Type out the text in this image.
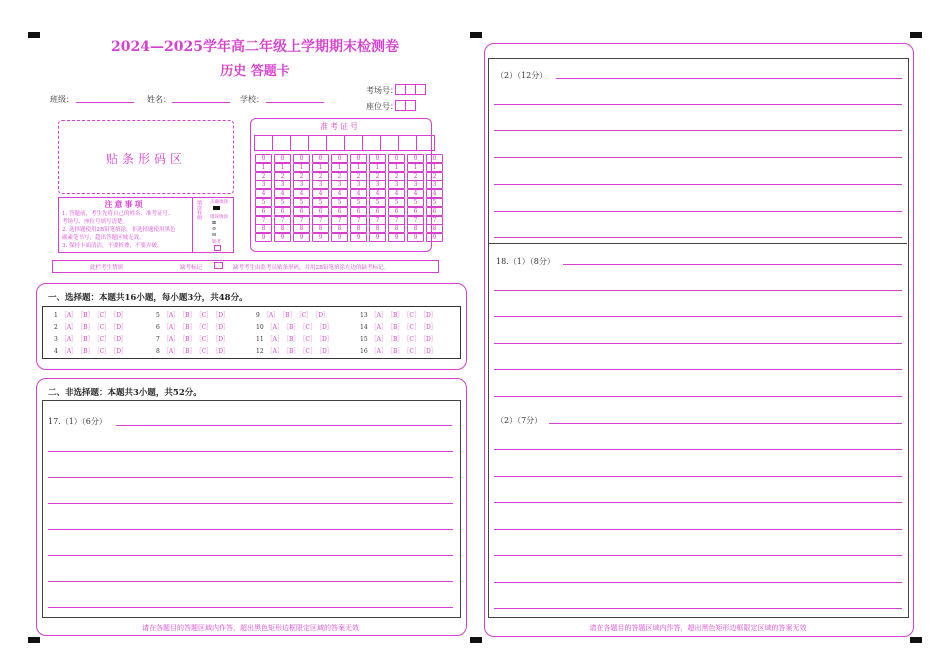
2024—2025学年高二年级上学期期末检测卷
历史 答题卡
班级：	姓名：	学校：
考场号：
座位号：
贴条形码区
准考证号
0	0	0	0	0	0	0	0	0	0
1	1	1	1	1	1	1	1	1	1
2	2	2	2	2	2	2	2	2	2
3	3	3	3	3	3	3	3	3	3
4	4	4	4	4	4	4	4	4	4
5	5	5	5	5	5	5	5	5	5
6	6	6	6	6	6	6	6	6	6
7	7	7	7	7	7	7	7	7	7
8	8	8	8	8	8	8	8	8	8
9	9	9	9	9	9	9	9	9	9
注意事项
1. 答题前，考生先将自己的姓名、准考证号、
考场号、座位号填写清楚。
2. 选择题使用2B铅笔填涂，非选择题使用黑色
碳素笔书写，超出答题区域无效。
3. 保持卡面清洁，不要折叠，不要弄破。
填涂样例 正确填涂
错误填涂
⊠
⊘
⊟
缺考
此栏考生禁填	缺考标记	缺考考生由监考员贴条形码，并用2B铅笔填涂左边的缺考标记。
一、选择题：本题共16小题，每小题3分，共48分。
1 ［A］ ［B］ ［C］ ［D］
2 ［A］ ［B］ ［C］ ［D］
3 ［A］ ［B］ ［C］ ［D］
4 ［A］ ［B］ ［C］ ［D］
5 ［A］ ［B］ ［C］ ［D］
6 ［A］ ［B］ ［C］ ［D］
7 ［A］ ［B］ ［C］ ［D］
8 ［A］ ［B］ ［C］ ［D］
9 ［A］ ［B］ ［C］ ［D］
10 ［A］ ［B］ ［C］ ［D］
11 ［A］ ［B］ ［C］ ［D］
12 ［A］ ［B］ ［C］ ［D］
13 ［A］ ［B］ ［C］ ［D］
14 ［A］ ［B］ ［C］ ［D］
15 ［A］ ［B］ ［C］ ［D］
16 ［A］ ［B］ ［C］ ［D］
二、非选择题：本题共3小题，共52分。
17.（1）（6分）
请在各题目的答题区域内作答，超出黑色矩形边框限定区域的答案无效
（2）（12分）
18.（1）（8分）
（2）（7分）
请在各题目的答题区域内作答，超出黑色矩形边框限定区域的答案无效
